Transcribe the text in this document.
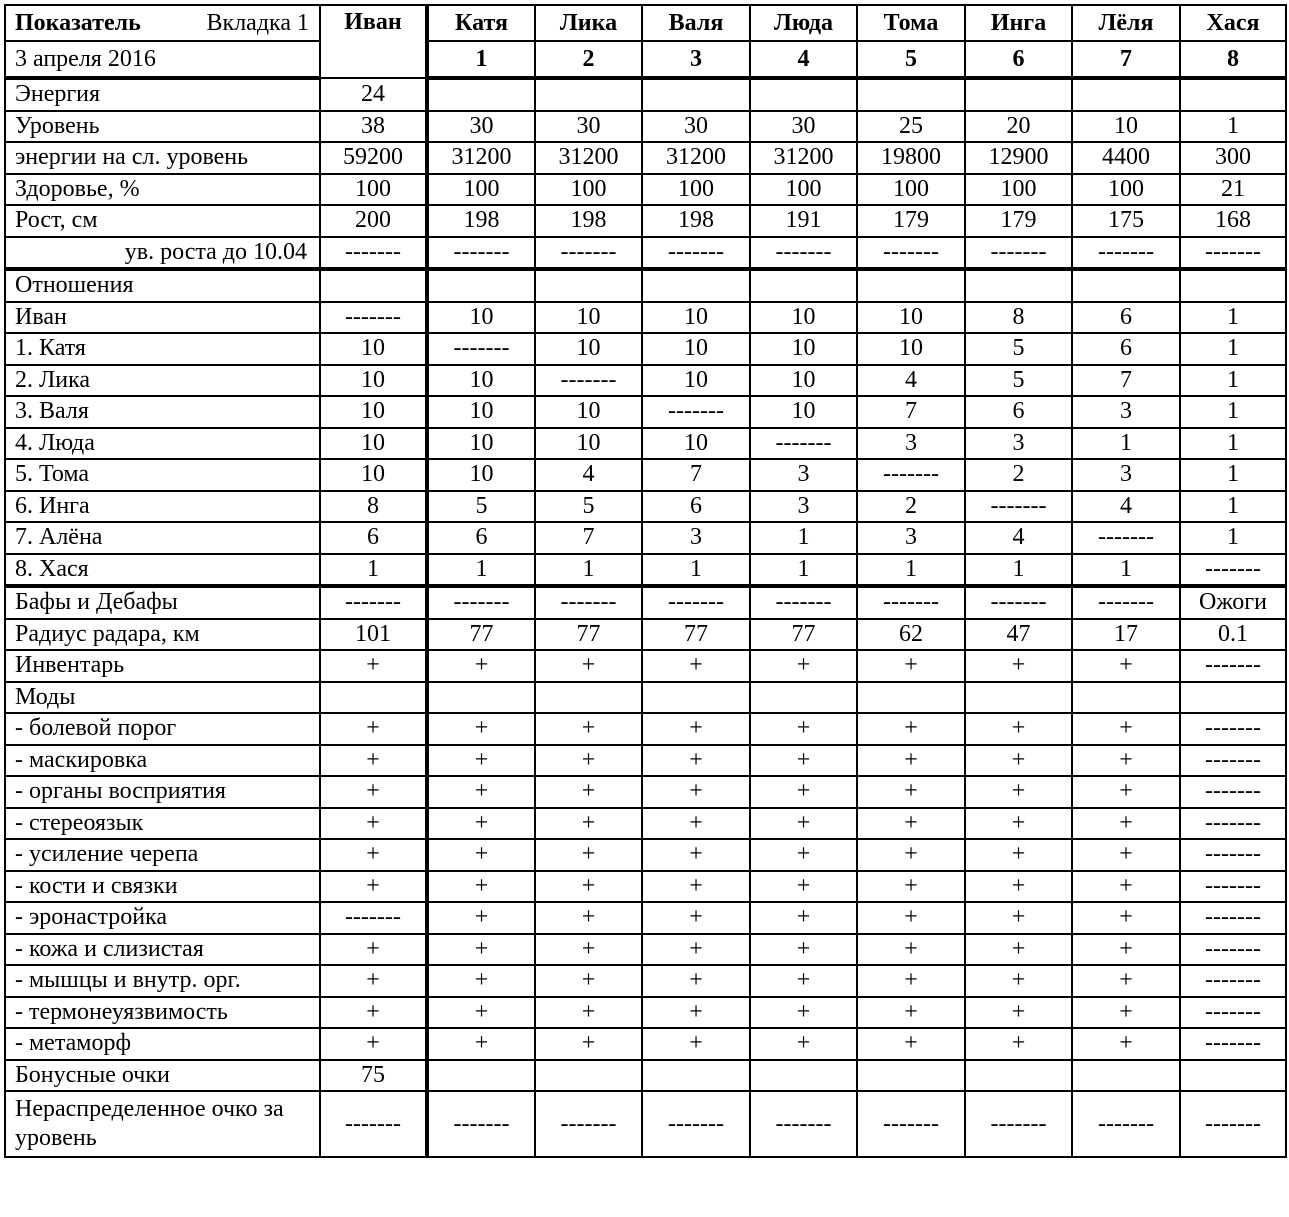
Показатель Вкладка 1	Иван	Катя	Лика	Валя	Люда	Тома	Инга	Лёля	Хася
3 апреля 2016		1	2	3	4	5	6	7	8
Энергия	24								
Уровень	38	30	30	30	30	25	20	10	1
энергии на сл. уровень	59200	31200	31200	31200	31200	19800	12900	4400	300
Здоровье, %	100	100	100	100	100	100	100	100	21
Рост, см	200	198	198	198	191	179	179	175	168
ув. роста до 10.04	-------	-------	-------	-------	-------	-------	-------	-------	-------
Отношения									
Иван	-------	10	10	10	10	10	8	6	1
1. Катя	10	-------	10	10	10	10	5	6	1
2. Лика	10	10	-------	10	10	4	5	7	1
3. Валя	10	10	10	-------	10	7	6	3	1
4. Люда	10	10	10	10	-------	3	3	1	1
5. Тома	10	10	4	7	3	-------	2	3	1
6. Инга	8	5	5	6	3	2	-------	4	1
7. Алёна	6	6	7	3	1	3	4	-------	1
8. Хася	1	1	1	1	1	1	1	1	-------
Бафы и Дебафы	-------	-------	-------	-------	-------	-------	-------	-------	Ожоги
Радиус радара, км	101	77	77	77	77	62	47	17	0.1
Инвентарь	+	+	+	+	+	+	+	+	-------
Моды									
- болевой порог	+	+	+	+	+	+	+	+	-------
- маскировка	+	+	+	+	+	+	+	+	-------
- органы восприятия	+	+	+	+	+	+	+	+	-------
- стереоязык	+	+	+	+	+	+	+	+	-------
- усиление черепа	+	+	+	+	+	+	+	+	-------
- кости и связки	+	+	+	+	+	+	+	+	-------
- эронастройка	-------	+	+	+	+	+	+	+	-------
- кожа и слизистая	+	+	+	+	+	+	+	+	-------
- мышцы и внутр. орг.	+	+	+	+	+	+	+	+	-------
- термонеуязвимость	+	+	+	+	+	+	+	+	-------
- метаморф	+	+	+	+	+	+	+	+	-------
Бонусные очки	75								
Нераспределенное очко за уровень	-------	-------	-------	-------	-------	-------	-------	-------	-------
